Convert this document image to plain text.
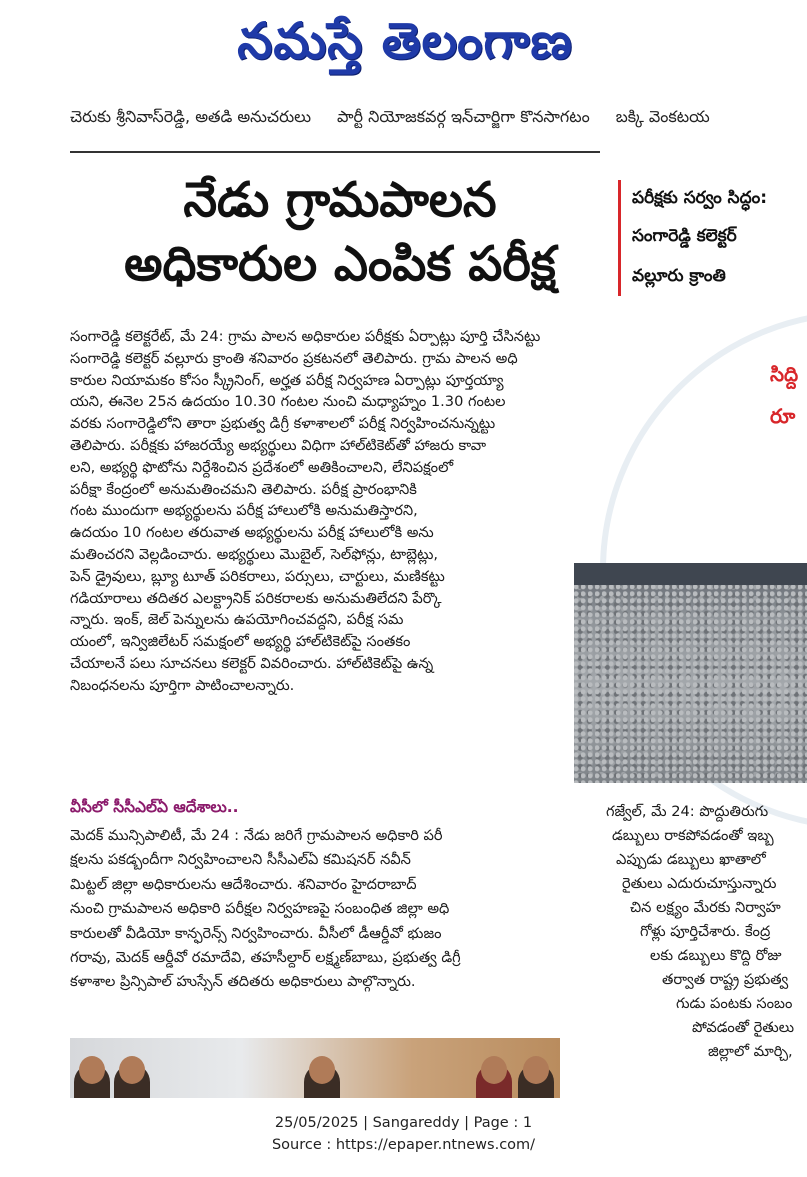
నమస్తే తెలంగాణ
చెరుకు శ్రీనివాస్‌రెడ్డి, అతడి అనుచరులు పార్టీ నియోజకవర్గ ఇన్‌చార్జిగా కొనసాగటం బక్కి వెంకటయ
నేడు గ్రామపాలన
అధికారుల ఎంపిక పరీక్ష
పరీక్షకు సర్వం సిద్ధం:
సంగారెడ్డి కలెక్టర్
వల్లూరు క్రాంతి
సిద్ది
రూ
సంగారెడ్డి కలెక్టరేట్, మే 24: గ్రామ పాలన అధికారుల పరీక్షకు ఏర్పాట్లు పూర్తి చేసినట్టు
సంగారెడ్డి కలెక్టర్ వల్లూరు క్రాంతి శనివారం ప్రకటనలో తెలిపారు. గ్రామ పాలన అధి
కారుల నియామకం కోసం స్క్రీనింగ్, అర్హత పరీక్ష నిర్వహణ ఏర్పాట్లు పూర్తయ్యా
యని, ఈనెల 25న ఉదయం 10.30 గంటల నుంచి మధ్యాహ్నం 1.30 గంటల
వరకు సంగారెడ్డిలోని తారా ప్రభుత్వ డిగ్రీ కళాశాలలో పరీక్ష నిర్వహించనున్నట్టు
తెలిపారు. పరీక్షకు హాజరయ్యే అభ్యర్థులు విధిగా హాల్‌టికెట్‌తో హాజరు కావా
లని, అభ్యర్థి ఫొటోను నిర్దేశించిన ప్రదేశంలో అతికించాలని, లేనిపక్షంలో
పరీక్షా కేంద్రంలో అనుమతించమని తెలిపారు. పరీక్ష ప్రారంభానికి
గంట ముందుగా అభ్యర్థులను పరీక్ష హాలులోకి అనుమతిస్తారని,
ఉదయం 10 గంటల తరువాత అభ్యర్థులను పరీక్ష హాలులోకి అను
మతించరని వెల్లడించారు. అభ్యర్థులు మొబైల్, సెల్‌ఫోన్లు, టాబ్లెట్లు,
పెన్ డ్రైవులు, బ్ల్యూ టూత్ పరికరాలు, పర్సులు, చార్టులు, మణికట్టు
గడియారాలు తదితర ఎలక్ట్రానిక్ పరికరాలకు అనుమతిలేదని పేర్కొ
న్నారు. ఇంక్, జెల్ పెన్నులను ఉపయోగించవద్దని, పరీక్ష సమ
యంలో, ఇన్విజిలేటర్ సమక్షంలో అభ్యర్థి హాల్‌టికెట్‌పై సంతకం
చేయాలనే పలు సూచనలు కలెక్టర్ వివరించారు. హాల్‌టికెట్‌పై ఉన్న
నిబంధనలను పూర్తిగా పాటించాలన్నారు.
వీసీలో సీసీఎల్‌ఏ ఆదేశాలు..
మెదక్ మున్సిపాలిటీ, మే 24 : నేడు జరిగే గ్రామపాలన అధికారి పరీ
క్షలను పకడ్బందీగా నిర్వహించాలని సీసీఎల్‌ఏ కమిషనర్ నవీన్
మిట్టల్ జిల్లా అధికారులను ఆదేశించారు. శనివారం హైదరాబాద్
నుంచి గ్రామపాలన అధికారి పరీక్షల నిర్వహణపై సంబంధిత జిల్లా అధి
కారులతో వీడియో కాన్ఫరెన్స్ నిర్వహించారు. వీసీలో డీఆర్డీవో భుజం
గరావు, మెదక్ ఆర్డీవో రమాదేవి, తహసీల్దార్ లక్ష్మణ్‌బాబు, ప్రభుత్వ డిగ్రీ
కళాశాల ప్రిన్సిపాల్ హుస్సేన్ తదితరు అధికారులు పాల్గొన్నారు.
గజ్వేల్, మే 24: పొద్దుతిరుగు
డబ్బులు రాకపోవడంతో ఇబ్బ
ఎప్పుడు డబ్బులు ఖాతాలో
రైతులు ఎదురుచూస్తున్నారు
చిన లక్ష్యం మేరకు నిర్వాహ
గోళ్లు పూర్తిచేశారు. కేంద్ర
లకు డబ్బులు కొద్ది రోజు
తర్వాత రాష్ట్ర ప్రభుత్వ
గుడు పంటకు సంబం
పోవడంతో రైతులు
జిల్లాలో మార్చి,
25/05/2025 | Sangareddy | Page : 1
Source : https://epaper.ntnews.com/
